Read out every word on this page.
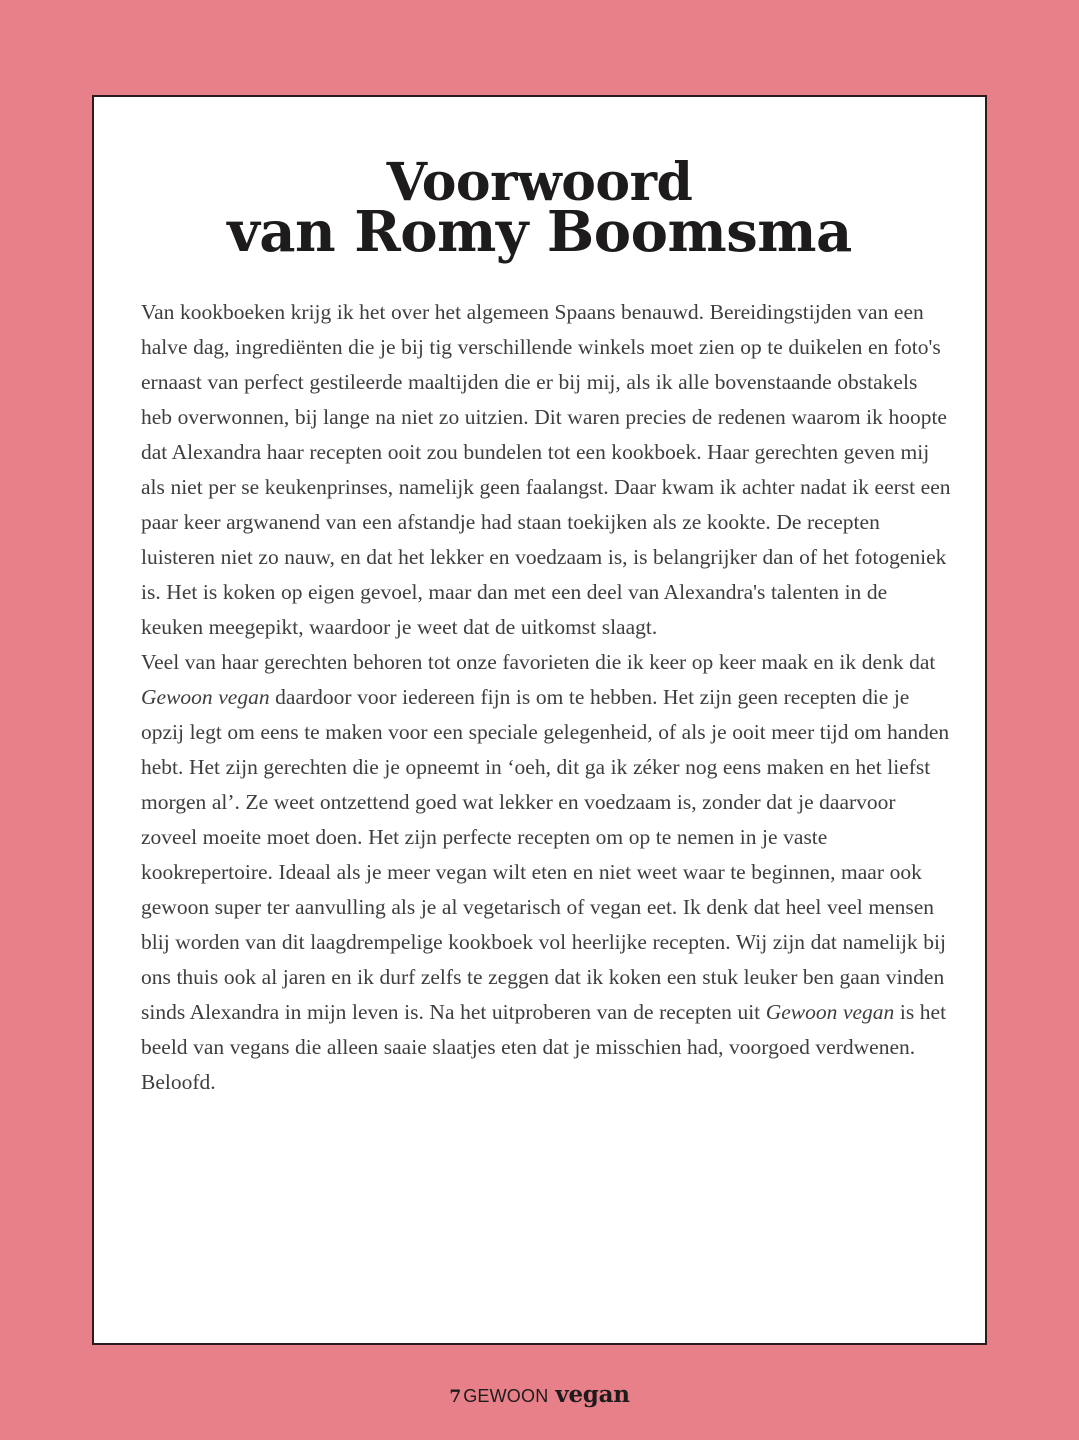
Voorwoord
van Romy Boomsma

Van kookboeken krijg ik het over het algemeen Spaans benauwd. Bereidingstijden van een halve dag, ingrediënten die je bij tig verschillende winkels moet zien op te duikelen en foto's ernaast van perfect gestileerde maaltijden die er bij mij, als ik alle bovenstaande obstakels heb overwonnen, bij lange na niet zo uitzien. Dit waren precies de redenen waarom ik hoopte dat Alexandra haar recepten ooit zou bundelen tot een kookboek. Haar gerechten geven mij als niet per se keukenprinses, namelijk geen faalangst. Daar kwam ik achter nadat ik eerst een paar keer argwanend van een afstandje had staan toekijken als ze kookte. De recepten luisteren niet zo nauw, en dat het lekker en voedzaam is, is belangrijker dan of het fotogeniek is. Het is koken op eigen gevoel, maar dan met een deel van Alexandra's talenten in de keuken meegepikt, waardoor je weet dat de uitkomst slaagt.

Veel van haar gerechten behoren tot onze favorieten die ik keer op keer maak en ik denk dat Gewoon vegan daardoor voor iedereen fijn is om te hebben. Het zijn geen recepten die je opzij legt om eens te maken voor een speciale gelegenheid, of als je ooit meer tijd om handen hebt. Het zijn gerechten die je opneemt in ‘oeh, dit ga ik zéker nog eens maken en het liefst morgen al’. Ze weet ontzettend goed wat lekker en voedzaam is, zonder dat je daarvoor zoveel moeite moet doen. Het zijn perfecte recepten om op te nemen in je vaste kookrepertoire. Ideaal als je meer vegan wilt eten en niet weet waar te beginnen, maar ook gewoon super ter aanvulling als je al vegetarisch of vegan eet. Ik denk dat heel veel mensen blij worden van dit laagdrempelige kookboek vol heerlijke recepten. Wij zijn dat namelijk bij ons thuis ook al jaren en ik durf zelfs te zeggen dat ik koken een stuk leuker ben gaan vinden sinds Alexandra in mijn leven is. Na het uitproberen van de recepten uit Gewoon vegan is het beeld van vegans die alleen saaie slaatjes eten dat je misschien had, voorgoed verdwenen. Beloofd.

7 GEWOON vegan
